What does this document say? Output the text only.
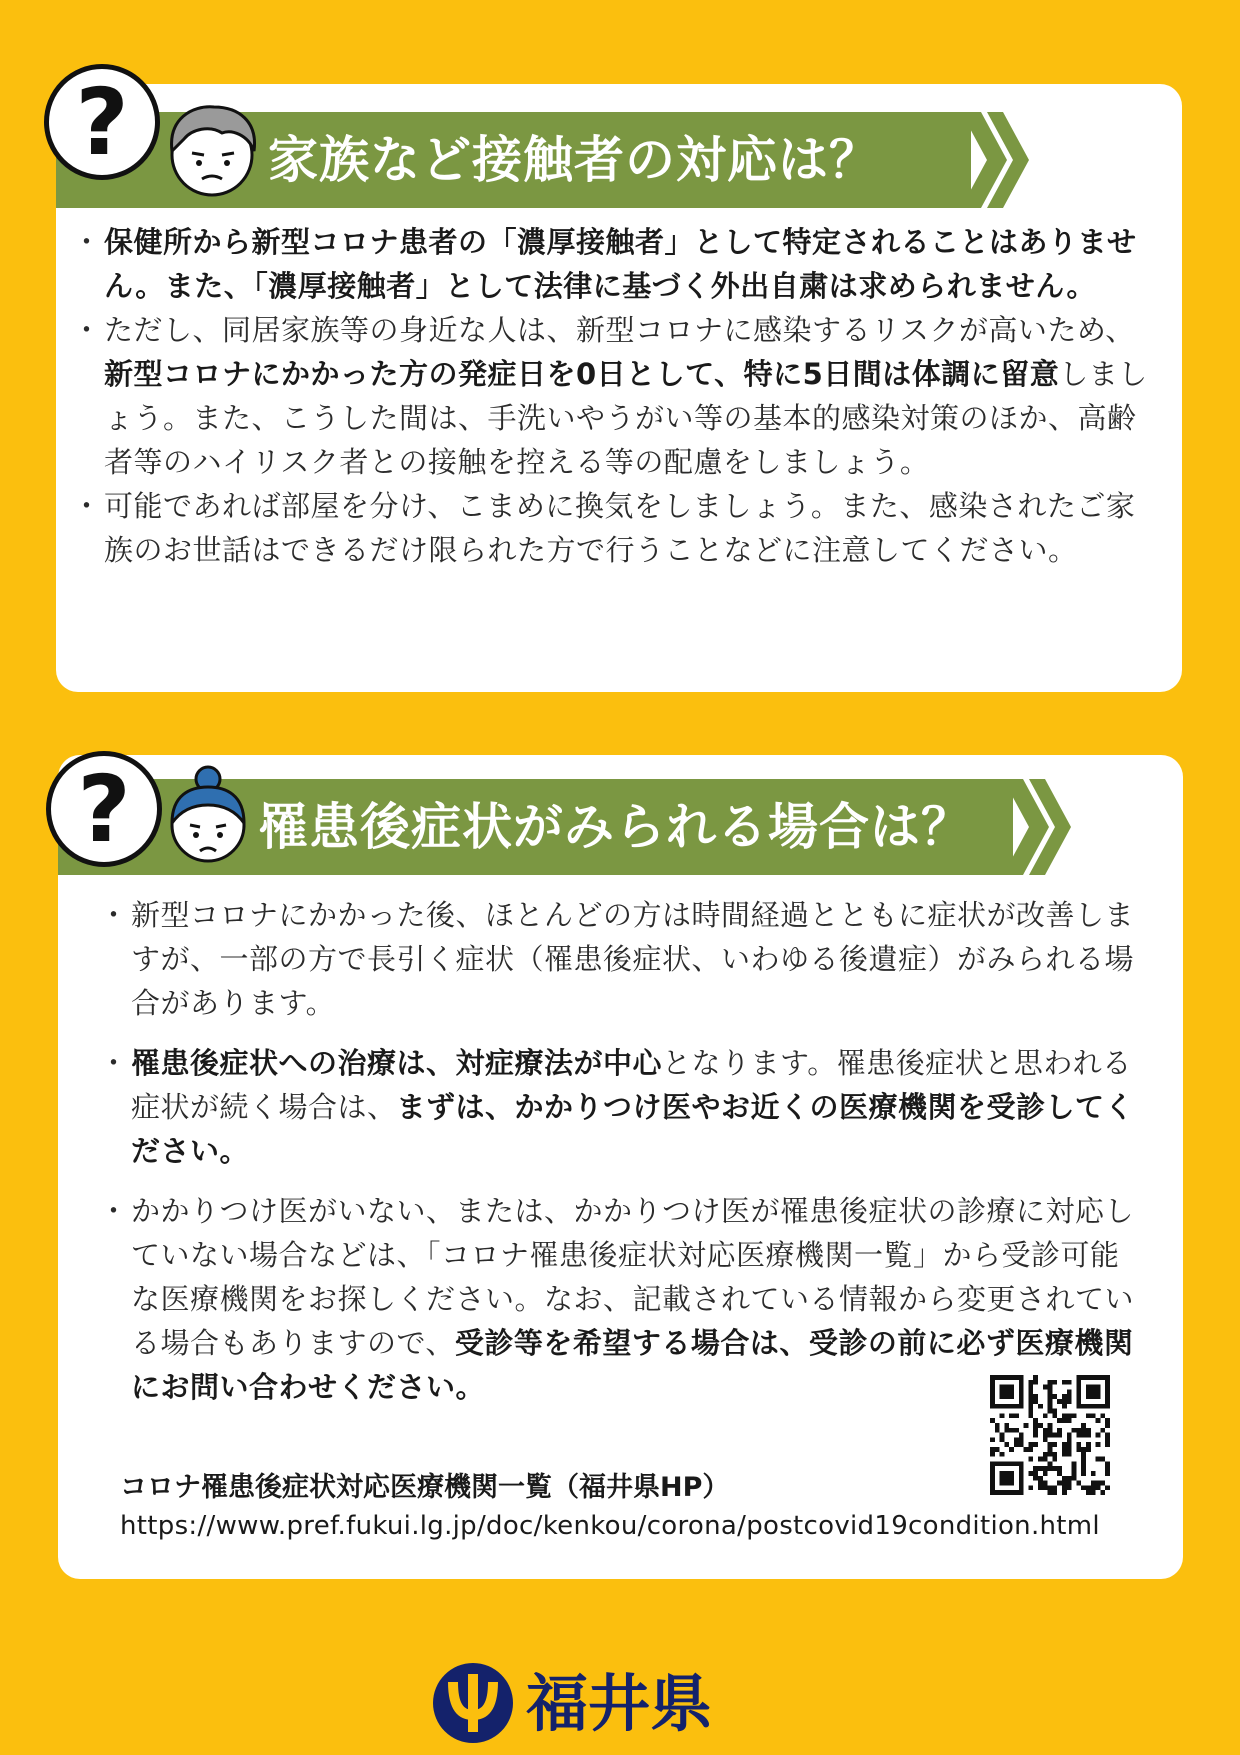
家族など接触者の対応は？
?
・ 保健所から新型コロナ患者の「濃厚接触者」として特定されることはありません。また、「濃厚接触者」として法律に基づく外出自粛は求められません。
・ ただし、同居家族等の身近な人は、新型コロナに感染するリスクが高いため、新型コロナにかかった方の発症日を0日として、特に5日間は体調に留意しましょう。また、こうした間は、手洗いやうがい等の基本的感染対策のほか、高齢者等のハイリスク者との接触を控える等の配慮をしましょう。
・ 可能であれば部屋を分け、こまめに換気をしましょう。また、感染されたご家族のお世話はできるだけ限られた方で行うことなどに注意してください。
罹患後症状がみられる場合は？
?
・ 新型コロナにかかった後、ほとんどの方は時間経過とともに症状が改善しますが、一部の方で長引く症状（罹患後症状、いわゆる後遺症）がみられる場合があります。
・ 罹患後症状への治療は、対症療法が中心となります。罹患後症状と思われる症状が続く場合は、まずは、かかりつけ医やお近くの医療機関を受診してください。
・ かかりつけ医がいない、または、かかりつけ医が罹患後症状の診療に対応していない場合などは、「コロナ罹患後症状対応医療機関一覧」から受診可能な医療機関をお探しください。なお、記載されている情報から変更されている場合もありますので、受診等を希望する場合は、受診の前に必ず医療機関にお問い合わせください。
コロナ罹患後症状対応医療機関一覧（福井県HP）
https://www.pref.fukui.lg.jp/doc/kenkou/corona/postcovid19condition.html
福井県
